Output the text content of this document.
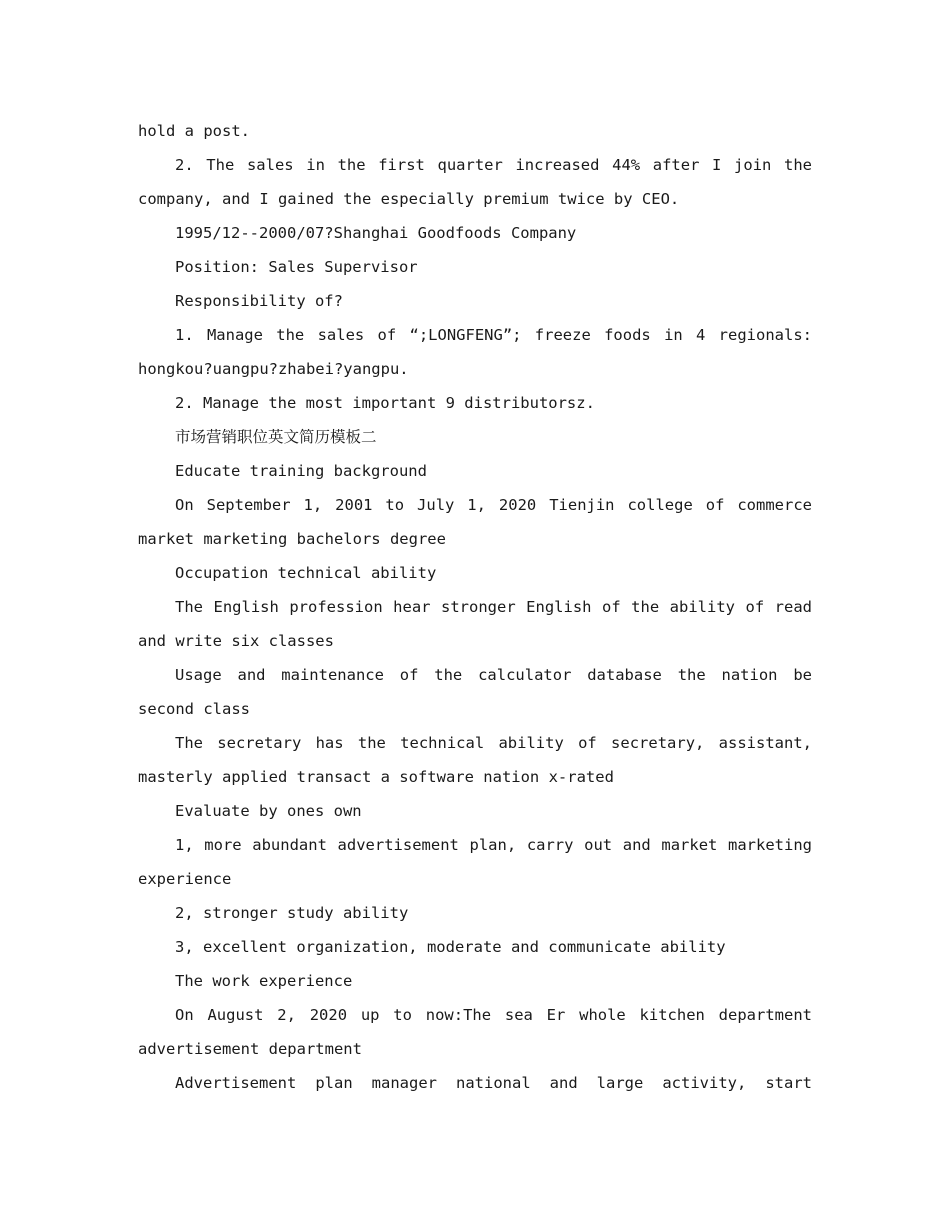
hold a post.
2. The sales in the first quarter increased 44% after I join the
company, and I gained the especially premium twice by CEO.
1995/12--2000/07?Shanghai Goodfoods Company
Position: Sales Supervisor
Responsibility of?
1. Manage the sales of “;LONGFENG”; freeze foods in 4 regionals:
hongkou?uangpu?zhabei?yangpu.
2. Manage the most important 9 distributorsz.
市场营销职位英文简历模板二
Educate training background
On September 1, 2001 to July 1, 2020 Tienjin college of commerce
market marketing bachelors degree
Occupation technical ability
The English profession hear stronger English of the ability of read
and write six classes
Usage and maintenance of the calculator database the nation be
second class
The secretary has the technical ability of secretary, assistant,
masterly applied transact a software nation x-rated
Evaluate by ones own
1, more abundant advertisement plan, carry out and market marketing
experience
2, stronger study ability
3, excellent organization, moderate and communicate ability
The work experience
On August 2, 2020 up to now:The sea Er whole kitchen department
advertisement department
Advertisement plan manager national and large activity, start
